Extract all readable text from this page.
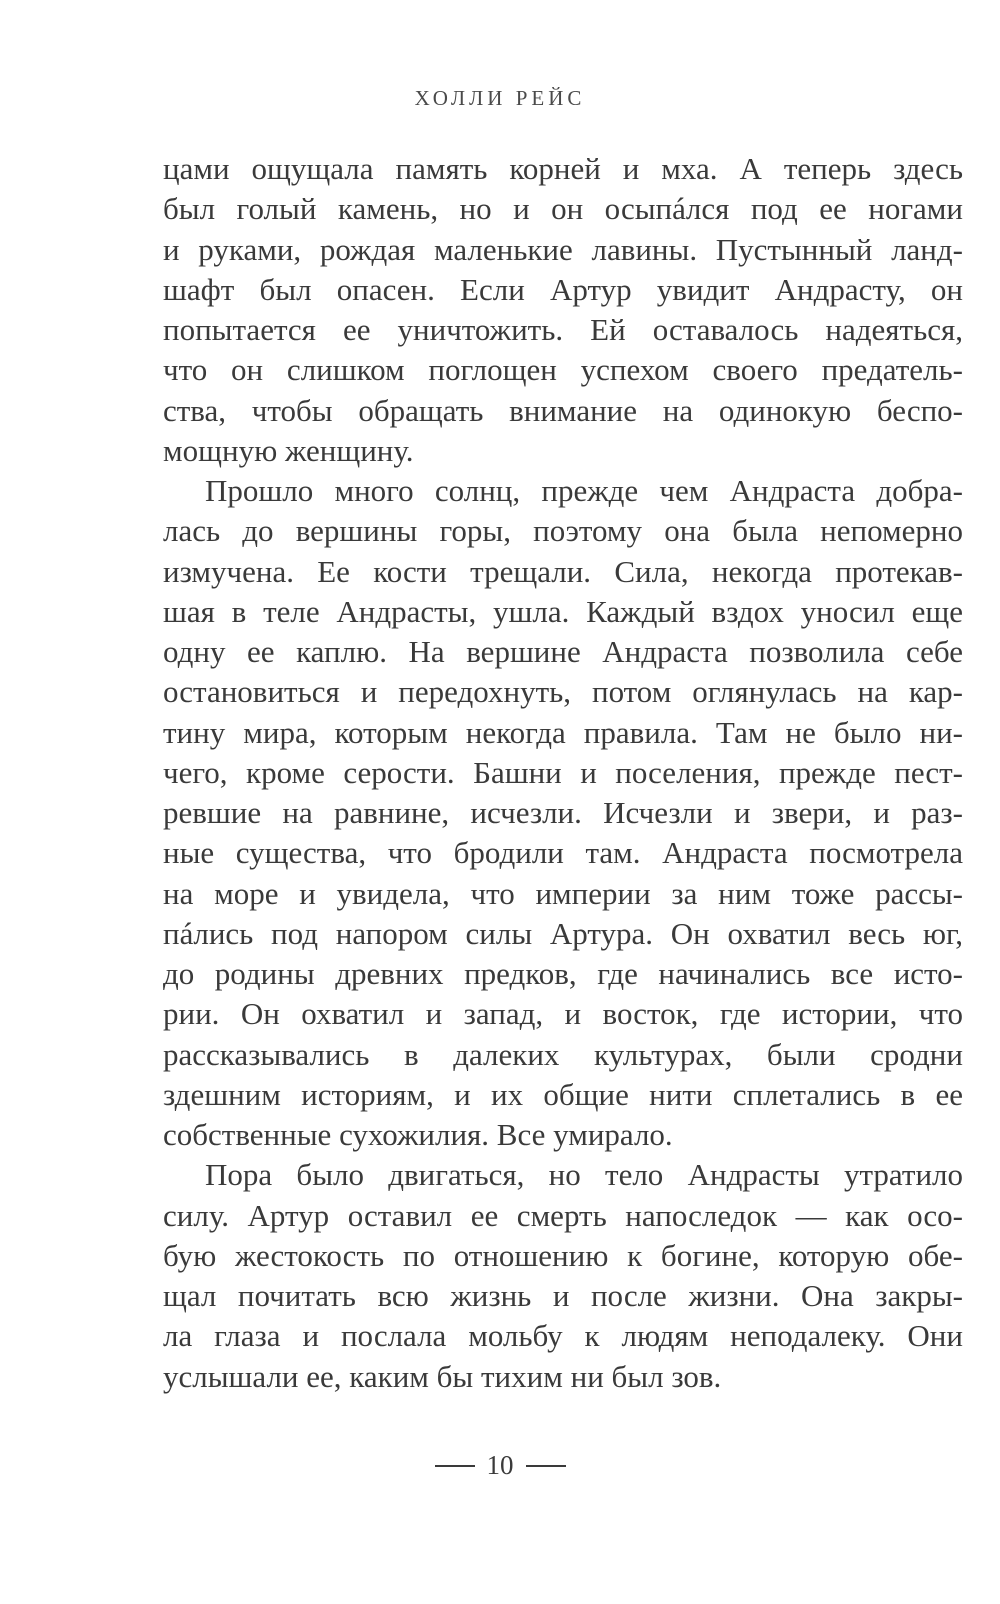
ХОЛЛИ РЕЙС
цами ощущала память корней и мха. А теперь здесь
был голый камень, но и он осыпáлся под ее ногами
и руками, рождая маленькие лавины. Пустынный ланд-
шафт был опасен. Если Артур увидит Андрасту, он
попытается ее уничтожить. Ей оставалось надеяться,
что он слишком поглощен успехом своего предатель-
ства, чтобы обращать внимание на одинокую беспо-
мощную женщину.
Прошло много солнц, прежде чем Андраста добра-
лась до вершины горы, поэтому она была непомерно
измучена. Ее кости трещали. Сила, некогда протекав-
шая в теле Андрасты, ушла. Каждый вздох уносил еще
одну ее каплю. На вершине Андраста позволила себе
остановиться и передохнуть, потом оглянулась на кар-
тину мира, которым некогда правила. Там не было ни-
чего, кроме серости. Башни и поселения, прежде пест-
ревшие на равнине, исчезли. Исчезли и звери, и раз-
ные существа, что бродили там. Андраста посмотрела
на море и увидела, что империи за ним тоже рассы-
пáлись под напором силы Артура. Он охватил весь юг,
до родины древних предков, где начинались все исто-
рии. Он охватил и запад, и восток, где истории, что
рассказывались в далеких культурах, были сродни
здешним историям, и их общие нити сплетались в ее
собственные сухожилия. Все умирало.
Пора было двигаться, но тело Андрасты утратило
силу. Артур оставил ее смерть напоследок — как осо-
бую жестокость по отношению к богине, которую обе-
щал почитать всю жизнь и после жизни. Она закры-
ла глаза и послала мольбу к людям неподалеку. Они
услышали ее, каким бы тихим ни был зов.
10
